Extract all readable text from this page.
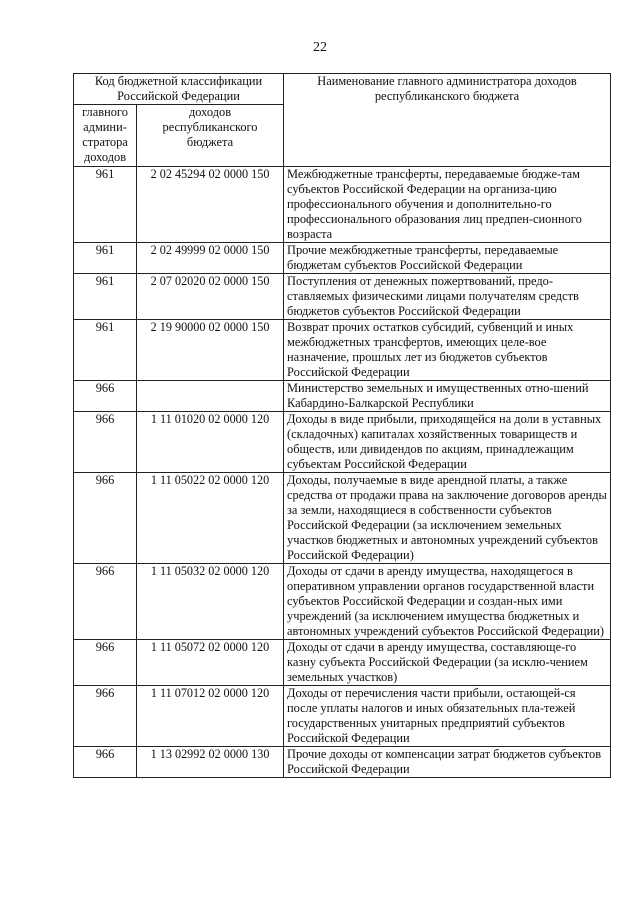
22
Код бюджетной классификации Российской Федерации		Наименование главного администратора доходов республиканского бюджета
главного админи-стратора доходов	доходов республиканского бюджета	
961	2 02 45294 02 0000 150	Межбюджетные трансферты, передаваемые бюдже-там субъектов Российской Федерации на организа-цию профессионального обучения и дополнительно-го профессионального образования лиц предпен-сионного возраста
961	2 02 49999 02 0000 150	Прочие межбюджетные трансферты, передаваемые бюджетам субъектов Российской Федерации
961	2 07 02020 02 0000 150	Поступления от денежных пожертвований, предо-ставляемых физическими лицами получателям средств бюджетов субъектов Российской Федерации
961	2 19 90000 02 0000 150	Возврат прочих остатков субсидий, субвенций и иных межбюджетных трансфертов, имеющих целе-вое назначение, прошлых лет из бюджетов субъектов Российской Федерации
966		Министерство земельных и имущественных отно-шений Кабардино-Балкарской Республики
966	1 11 01020 02 0000 120	Доходы в виде прибыли, приходящейся на доли в уставных (складочных) капиталах хозяйственных товариществ и обществ, или дивидендов по акциям, принадлежащим субъектам Российской Федерации
966	1 11 05022 02 0000 120	Доходы, получаемые в виде арендной платы, а также средства от продажи права на заключение договоров аренды за земли, находящиеся в собственности субъектов Российской Федерации (за исключением земельных участков бюджетных и автономных учреждений субъектов Российской Федерации)
966	1 11 05032 02 0000 120	Доходы от сдачи в аренду имущества, находящегося в оперативном управлении органов государственной власти субъектов Российской Федерации и создан-ных ими учреждений (за исключением имущества бюджетных и автономных учреждений субъектов Российской Федерации)
966	1 11 05072 02 0000 120	Доходы от сдачи в аренду имущества, составляюще-го казну субъекта Российской Федерации (за исклю-чением земельных участков)
966	1 11 07012 02 0000 120	Доходы от перечисления части прибыли, остающей-ся после уплаты налогов и иных обязательных пла-тежей государственных унитарных предприятий субъектов Российской Федерации
966	1 13 02992 02 0000 130	Прочие доходы от компенсации затрат бюджетов субъектов Российской Федерации
